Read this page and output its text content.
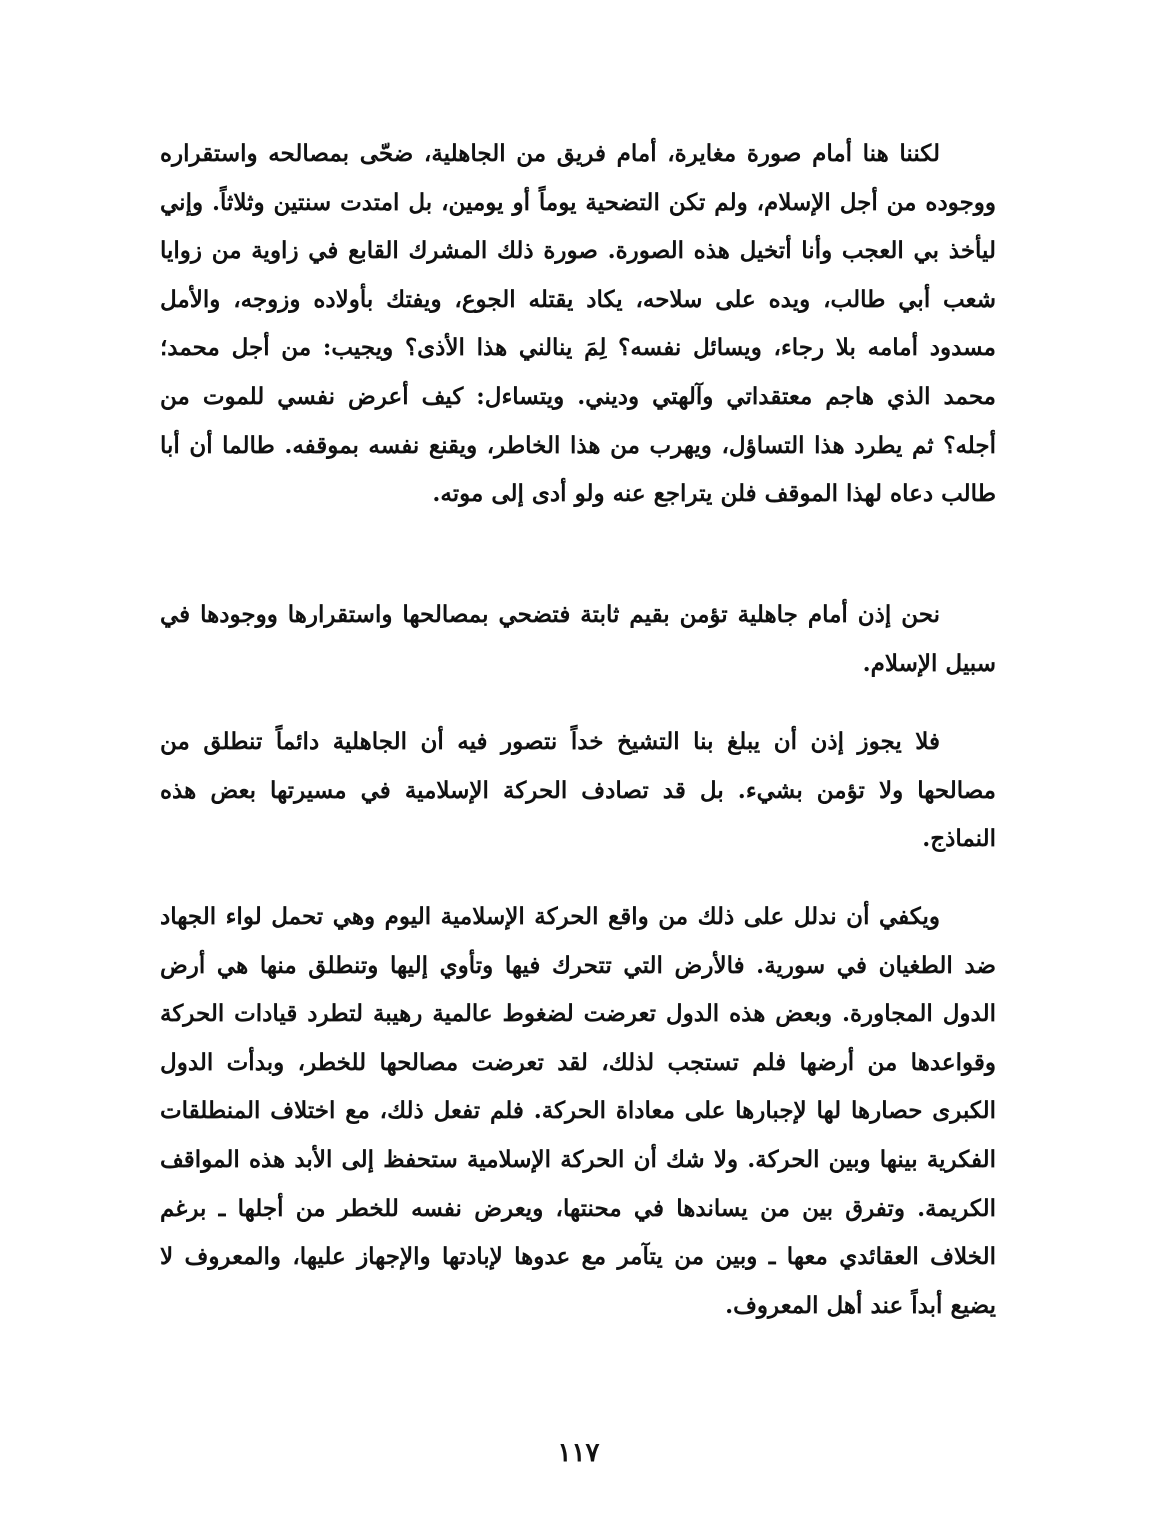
لكننا هنا أمام صورة مغايرة، أمام فريق من الجاهلية، ضحّى بمصالحه واستقراره ووجوده من أجل الإسلام، ولم تكن التضحية يوماً أو يومين، بل امتدت سنتين وثلاثاً. وإني ليأخذ بي العجب وأنا أتخيل هذه الصورة. صورة ذلك المشرك القابع في زاوية من زوايا شعب أبي طالب، ويده على سلاحه، يكاد يقتله الجوع، ويفتك بأولاده وزوجه، والأمل مسدود أمامه بلا رجاء، ويسائل نفسه؟ لِمَ ينالني هذا الأذى؟ ويجيب: من أجل محمد؛ محمد الذي هاجم معتقداتي وآلهتي وديني. ويتساءل: كيف أعرض نفسي للموت من أجله؟ ثم يطرد هذا التساؤل، ويهرب من هذا الخاطر، ويقنع نفسه بموقفه. طالما أن أبا طالب دعاه لهذا الموقف فلن يتراجع عنه ولو أدى إلى موته.

نحن إذن أمام جاهلية تؤمن بقيم ثابتة فتضحي بمصالحها واستقرارها ووجودها في سبيل الإسلام.

فلا يجوز إذن أن يبلغ بنا التشيخ خداً نتصور فيه أن الجاهلية دائماً تنطلق من مصالحها ولا تؤمن بشيء. بل قد تصادف الحركة الإسلامية في مسيرتها بعض هذه النماذج.

ويكفي أن ندلل على ذلك من واقع الحركة الإسلامية اليوم وهي تحمل لواء الجهاد ضد الطغيان في سورية. فالأرض التي تتحرك فيها وتأوي إليها وتنطلق منها هي أرض الدول المجاورة. وبعض هذه الدول تعرضت لضغوط عالمية رهيبة لتطرد قيادات الحركة وقواعدها من أرضها فلم تستجب لذلك، لقد تعرضت مصالحها للخطر، وبدأت الدول الكبرى حصارها لها لإجبارها على معاداة الحركة. فلم تفعل ذلك، مع اختلاف المنطلقات الفكرية بينها وبين الحركة. ولا شك أن الحركة الإسلامية ستحفظ إلى الأبد هذه المواقف الكريمة. وتفرق بين من يساندها في محنتها، ويعرض نفسه للخطر من أجلها ـ برغم الخلاف العقائدي معها ـ وبين من يتآمر مع عدوها لإبادتها والإجهاز عليها، والمعروف لا يضيع أبداً عند أهل المعروف.

١١٧
